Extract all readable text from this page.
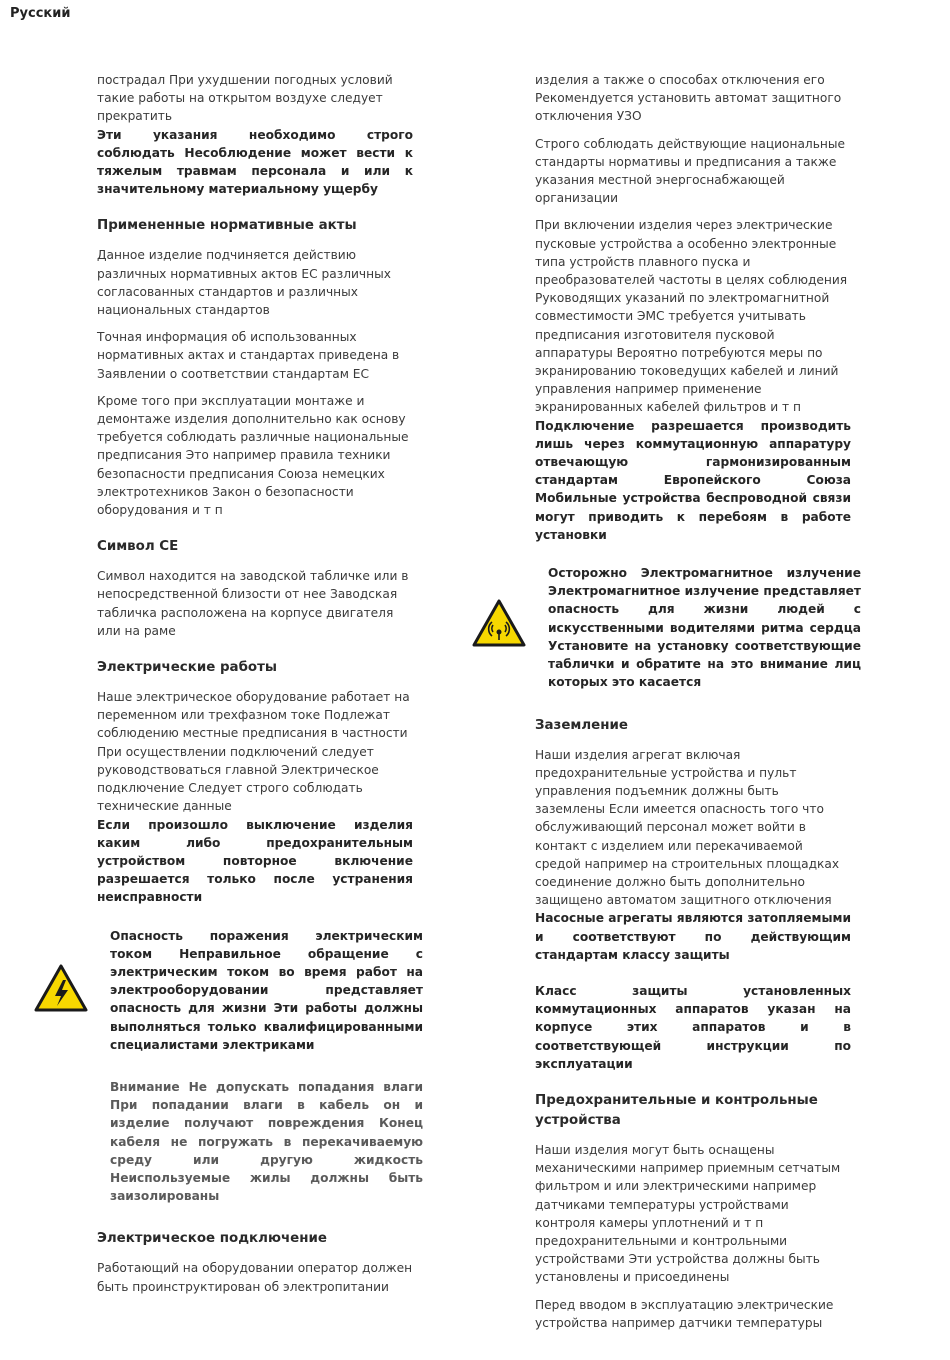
Русский

пострадал При ухудшении погодных условий такие работы на открытом воздухе следует прекратить

Эти указания необходимо строго соблюдать Несоблюдение может вести к тяжелым травмам персонала и или к значительному материальному ущербу

Примененные нормативные акты

Данное изделие подчиняется действию различных нормативных актов ЕС различных согласованных стандартов и различных национальных стандартов

Точная информация об использованных нормативных актах и стандартах приведена в Заявлении о соответствии стандартам ЕС

Кроме того при эксплуатации монтаже и демонтаже изделия дополнительно как основу требуется соблюдать различные национальные предписания Это например правила техники безопасности предписания Союза немецких электротехников Закон о безопасности оборудования и т п

Символ CE

Символ находится на заводской табличке или в непосредственной близости от нее Заводская табличка расположена на корпусе двигателя или на раме

Электрические работы

Наше электрическое оборудование работает на переменном или трехфазном токе Подлежат соблюдению местные предписания в частности При осуществлении подключений следует руководствоваться главной Электрическое подключение Следует строго соблюдать технические данные

Если произошло выключение изделия каким либо предохранительным устройством повторное включение разрешается только после устранения неисправности

Опасность поражения электрическим током Неправильное обращение с электрическим током во время работ на электрооборудовании представляет опасность для жизни Эти работы должны выполняться только квалифицированными специалистами электриками

Внимание Не допускать попадания влаги При попадании влаги в кабель он и изделие получают повреждения Конец кабеля не погружать в перекачиваемую среду или другую жидкость Неиспользуемые жилы должны быть заизолированы

Электрическое подключение

Работающий на оборудовании оператор должен быть проинструктирован об электропитании

изделия а также о способах отключения его Рекомендуется установить автомат защитного отключения УЗО

Строго соблюдать действующие национальные стандарты нормативы и предписания а также указания местной энергоснабжающей организации

При включении изделия через электрические пусковые устройства а особенно электронные типа устройств плавного пуска и преобразователей частоты в целях соблюдения Руководящих указаний по электромагнитной совместимости ЭМС требуется учитывать предписания изготовителя пусковой аппаратуры Вероятно потребуются меры по экранированию токоведущих кабелей и линий управления например применение экранированных кабелей фильтров и т п

Подключение разрешается производить лишь через коммутационную аппаратуру отвечающую гармонизированным стандартам Европейского Союза Мобильные устройства беспроводной связи могут приводить к перебоям в работе установки

Осторожно Электромагнитное излучение Электромагнитное излучение представляет опасность для жизни людей с искусственными водителями ритма сердца Установите на установку соответствующие таблички и обратите на это внимание лиц которых это касается

Заземление

Наши изделия агрегат включая предохранительные устройства и пульт управления подъемник должны быть заземлены Если имеется опасность того что обслуживающий персонал может войти в контакт с изделием или перекачиваемой средой например на строительных площадках соединение должно быть дополнительно защищено автоматом защитного отключения

Насосные агрегаты являются затопляемыми и соответствуют по действующим стандартам классу защиты

Класс защиты установленных коммутационных аппаратов указан на корпусе этих аппаратов и в соответствующей инструкции по эксплуатации

Предохранительные и контрольные устройства

Наши изделия могут быть оснащены механическими например приемным сетчатым фильтром и или электрическими например датчиками температуры устройствами контроля камеры уплотнений и т п предохранительными и контрольными устройствами Эти устройства должны быть установлены и присоединены

Перед вводом в эксплуатацию электрические устройства например датчики температуры
